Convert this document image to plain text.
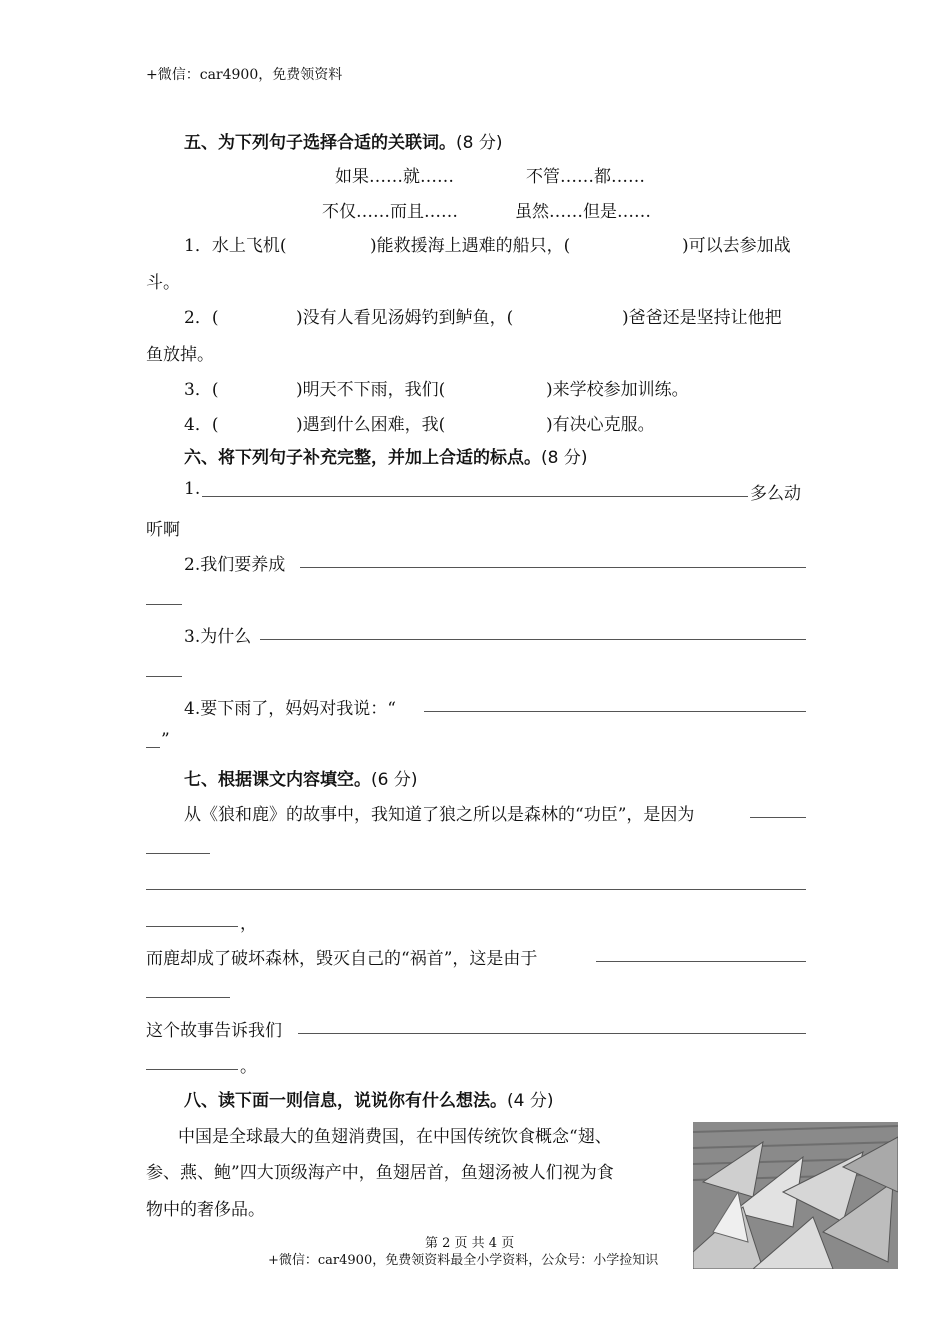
+微信：car4900，免费领资料
五、为下列句子选择合适的关联词。(8 分)
如果……就……	不管……都……
不仅……而且……	虽然……但是……
1．水上飞机(	)能救援海上遇难的船只，(	)可以去参加战
斗。
2．(	)没有人看见汤姆钓到鲈鱼，(	)爸爸还是坚持让他把
鱼放掉。
3．(	)明天不下雨，我们(	)来学校参加训练。
4．(	)遇到什么困难，我(	)有决心克服。
六、将下列句子补充完整，并加上合适的标点。(8 分)
1.	多么动
听啊
2.我们要养成
3.为什么
4.要下雨了，妈妈对我说：“
”
七、根据课文内容填空。(6 分)
从《狼和鹿》的故事中，我知道了狼之所以是森林的“功臣”，是因为
，
而鹿却成了破坏森林，毁灭自己的“祸首”，这是由于
这个故事告诉我们
。
八、读下面一则信息，说说你有什么想法。(4 分)
中国是全球最大的鱼翅消费国，在中国传统饮食概念“翅、
参、燕、鲍”四大顶级海产中，鱼翅居首，鱼翅汤被人们视为食
物中的奢侈品。
第 2 页 共 4 页
+微信：car4900，免费领资料最全小学资料，公众号：小学捡知识
